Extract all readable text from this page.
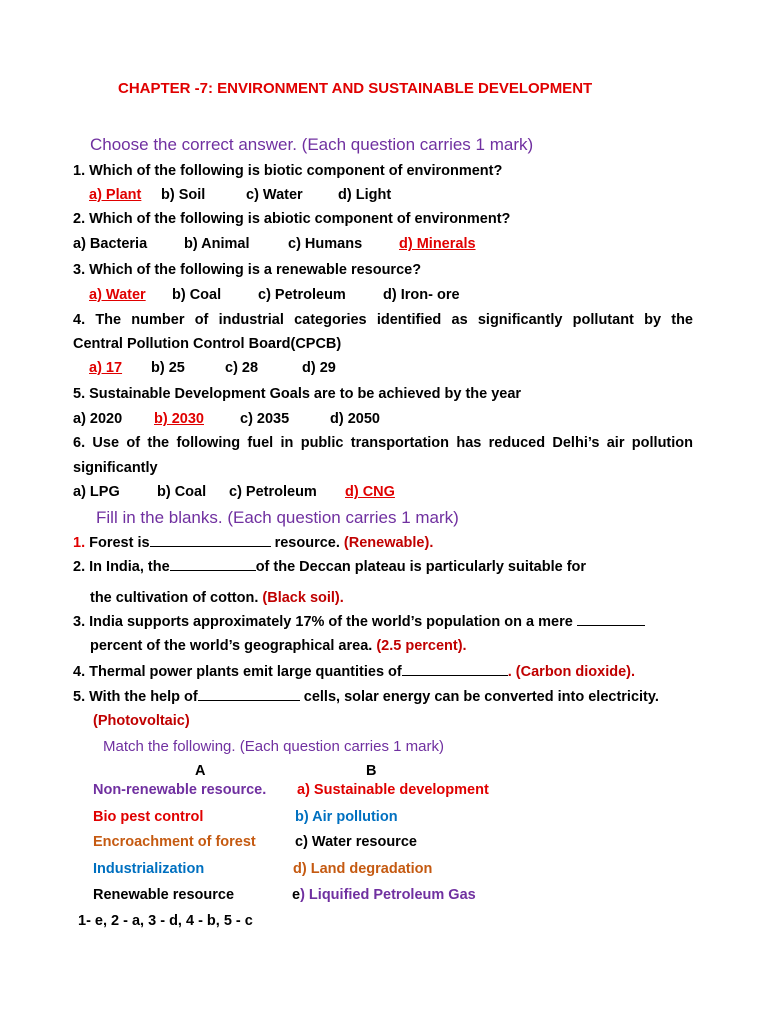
CHAPTER -7: ENVIRONMENT AND SUSTAINABLE DEVELOPMENT
Choose the correct answer. (Each question carries 1 mark)
1. Which of the following is biotic component of environment?
a) Plant b) Soil	c) Water d) Light
2. Which of the following is abiotic component of environment?
a) Bacteria	b) Animal	c) Humans	d) Minerals
3. Which of the following is a renewable resource?
a) Water b) Coal	c) Petroleum	d) Iron- ore
4. The number of industrial categories identified as significantly pollutant by the
Central Pollution Control Board(CPCB)
a) 17 b) 25	c) 28	d) 29
5. Sustainable Development Goals are to be achieved by the year
a) 2020 b) 2030 c) 2035	d) 2050
6. Use of the following fuel in public transportation has reduced Delhi’s air pollution
significantly
a) LPG	b) Coal c) Petroleum d) CNG
Fill in the blanks. (Each question carries 1 mark)
1. Forest is	resource. (Renewable).
2. In India, the	of the Deccan plateau is particularly suitable for
the cultivation of cotton. (Black soil).
3. India supports approximately 17% of the world’s population on a mere
percent of the world’s geographical area. (2.5 percent).
4. Thermal power plants emit large quantities of	. (Carbon dioxide).
5. With the help of	cells, solar energy can be converted into electricity.
(Photovoltaic)
Match the following. (Each question carries 1 mark)
A	B
Non-renewable resource. a) Sustainable development
Bio pest control	b) Air pollution
Encroachment of forest	c) Water resource
Industrialization	d) Land degradation
Renewable resource	e) Liquified Petroleum Gas
1- e, 2 - a, 3 - d, 4 - b, 5 - c
